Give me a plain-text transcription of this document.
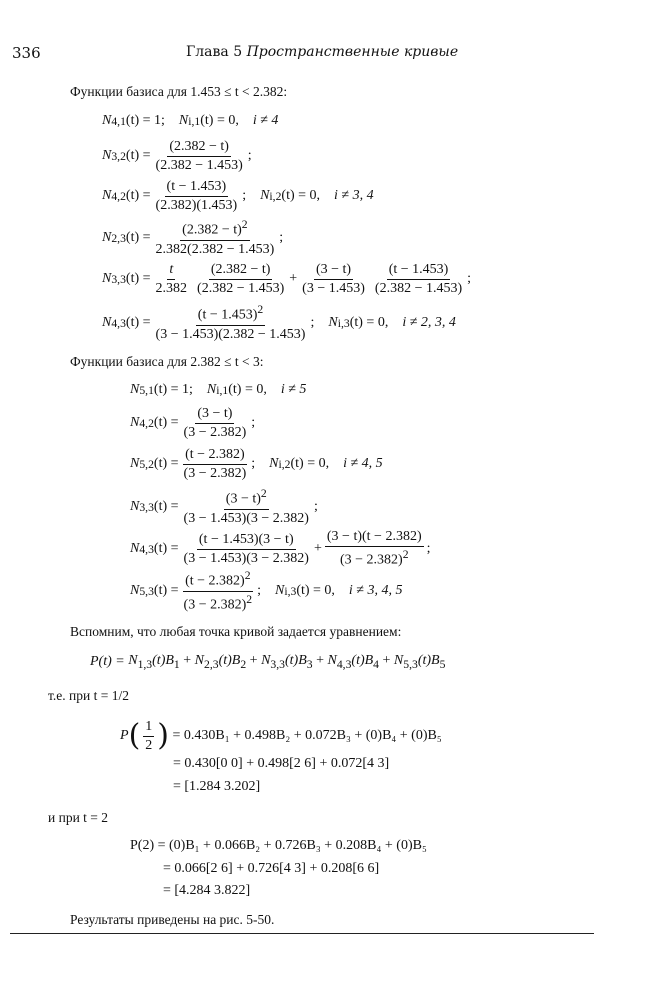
336	Глава 5 Пространственные кривые
Функции базиса для 1.453 ≤ t < 2.382:
N 4,1 (t) = 1; N i,1 (t) = 0, i ≠ 4
N 3,2 $(t) = \frac{(2.382 - t)}{(2.382 - 1.453)}$ ;
N 4,2 $(t) = \frac{(t - 1.453)}{(2.382)(1.453)}$ ; N i,2 (t) = 0, i ≠ 3, 4
N 2,3 $(t) = \frac{(2.382 - t)^2}{2.382(2.382 - 1.453)}$ ;
N 3,3 $(t) = \frac{t}{2.382} \frac{(2.382 - t)}{(2.382 - 1.453)} + \frac{(3 - t)}{(3 - 1.453)} \frac{(t - 1.453)}{(2.382 - 1.453)}$ ;
N 4,3 $(t) = \frac{(t - 1.453)^2}{(3 - 1.453)(2.382 - 1.453)}$ ; N i,3 (t) = 0, i ≠ 2, 3, 4
Функции базиса для 2.382 ≤ t < 3:
N 5,1 (t) = 1; N i,1 (t) = 0, i ≠ 5
N 4,2 $(t) = \frac{(3 - t)}{(3 - 2.382)}$ ;
N 5,2 $(t) = \frac{(t - 2.382)}{(3 - 2.382)}$ ; N i,2 (t) = 0, i ≠ 4, 5
N 3,3 $(t) = \frac{(3 - t)^2}{(3 - 1.453)(3 - 2.382)}$ ;
N 4,3 $(t) = \frac{(t - 1.453)(3 - t)}{(3 - 1.453)(3 - 2.382)} + \frac{(3 - t)(t - 2.382)}{(3 - 2.382)^2}$ ;
N 5,3 $(t) = \frac{(t - 2.382)^2}{(3 - 2.382)^2}$ ; N i,3 (t) = 0, i ≠ 3, 4, 5
Вспомним, что любая точка кривой задается уравнением:
P(t) =
$N_{1,3}(t)B_1 + N_{2,3}(t)B_2 + N_{3,3}(t)B_3 + N_{4,3}(t)B_4 + N_{5,3}(t)B_5$
т.е. при t = 1/2
P ( $\frac{1}{2}$ )
= 0.430B₁ + 0.498B₂ + 0.072B₃ + (0)B₄ + (0)B₅
= 0.430[0 0] + 0.498[2 6] + 0.072[4 3]
= [1.284 3.202]
и при t = 2
P(2) = (0)B₁ + 0.066B₂ + 0.726B₃ + 0.208B₄ + (0)B₅
= 0.066[2 6] + 0.726[4 3] + 0.208[6 6]
= [4.284 3.822]
Результаты приведены на рис. 5-50.
